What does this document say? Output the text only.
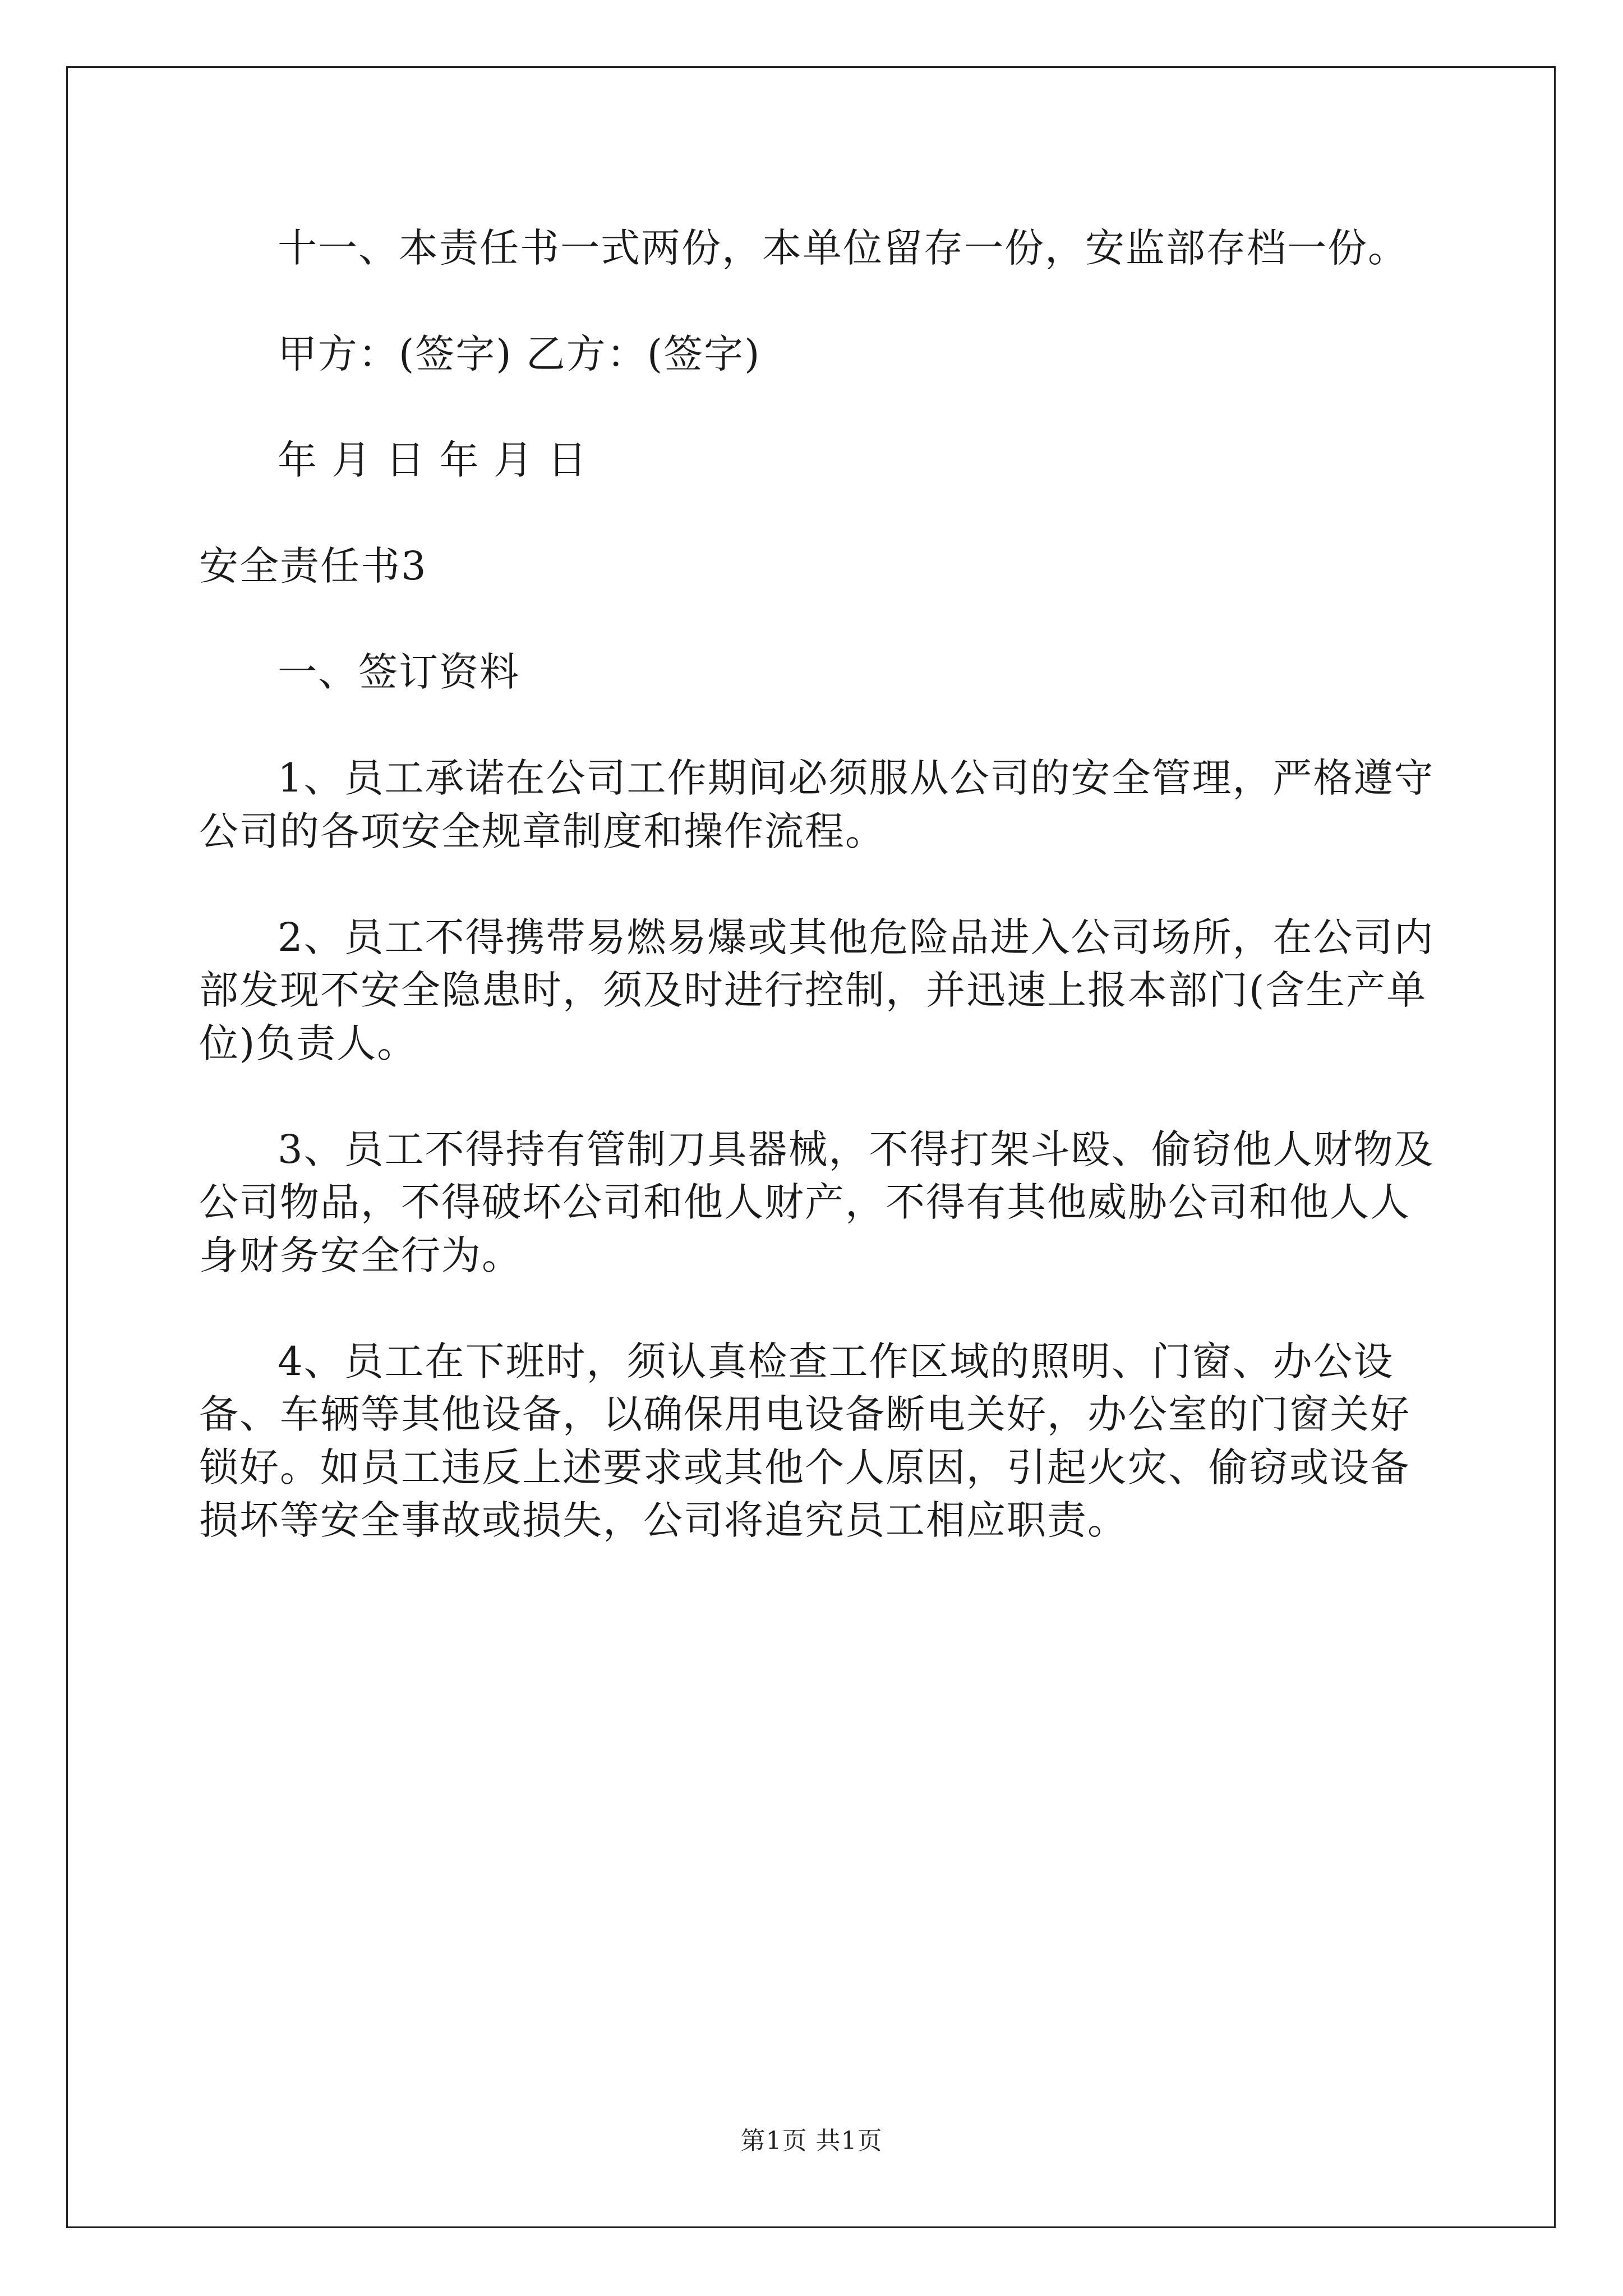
十一、本责任书一式两份，本单位留存一份，安监部存档一份。

甲方：(签字) 乙方：(签字)

年 月 日 年 月 日

安全责任书3

一、签订资料

1、员工承诺在公司工作期间必须服从公司的安全管理，严格遵守公司的各项安全规章制度和操作流程。

2、员工不得携带易燃易爆或其他危险品进入公司场所，在公司内部发现不安全隐患时，须及时进行控制，并迅速上报本部门(含生产单位)负责人。

3、员工不得持有管制刀具器械，不得打架斗殴、偷窃他人财物及公司物品，不得破坏公司和他人财产，不得有其他威胁公司和他人人身财务安全行为。

4、员工在下班时，须认真检查工作区域的照明、门窗、办公设备、车辆等其他设备，以确保用电设备断电关好，办公室的门窗关好锁好。如员工违反上述要求或其他个人原因，引起火灾、偷窃或设备损坏等安全事故或损失，公司将追究员工相应职责。

第1页 共1页
